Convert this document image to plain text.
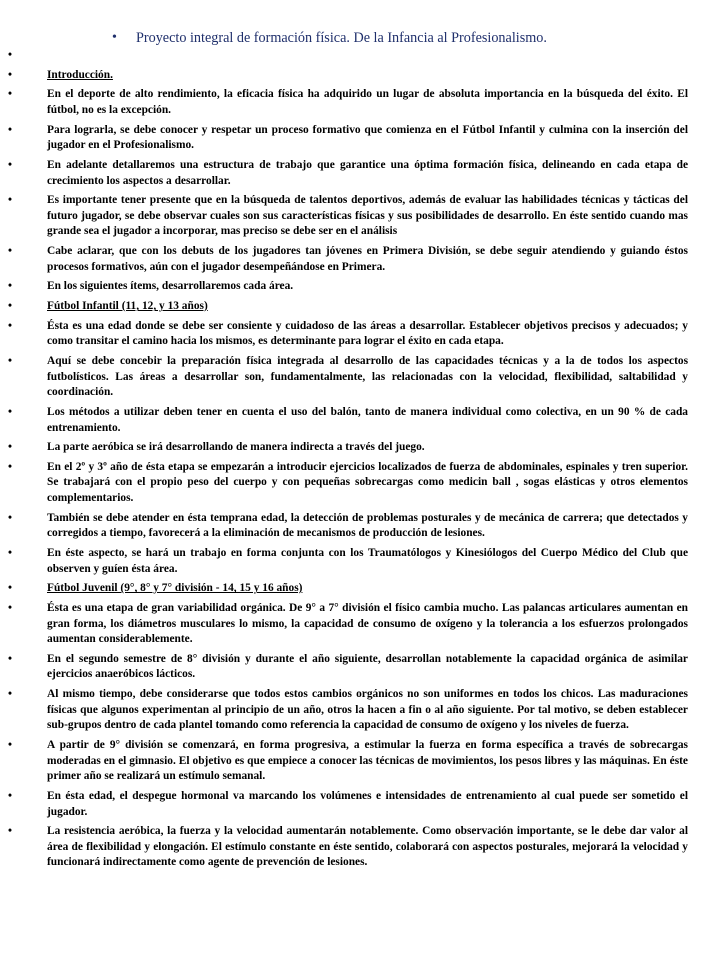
• Proyecto integral de formación física. De la Infancia al Profesionalismo.
•
•	Introducción.
•	En el deporte de alto rendimiento, la eficacia física ha adquirido un lugar de absoluta importancia en la búsqueda del éxito. El fútbol, no es la excepción.
•	Para lograrla, se debe conocer y respetar un proceso formativo que comienza en el Fútbol Infantil y culmina con la inserción del jugador en el Profesionalismo.
•	En adelante detallaremos una estructura de trabajo que garantice una óptima formación física, delineando en cada etapa de crecimiento los aspectos a desarrollar.
•	Es importante tener presente que en la búsqueda de talentos deportivos, además de evaluar las habilidades técnicas y tácticas del futuro jugador, se debe observar cuales son sus características físicas y sus posibilidades de desarrollo. En éste sentido cuando mas grande sea el jugador a incorporar, mas preciso se debe ser en el análisis
•	Cabe aclarar, que con los debuts de los jugadores tan jóvenes en Primera División, se debe seguir atendiendo y guiando éstos procesos formativos, aún con el jugador desempeñándose en Primera.
•	En los siguientes ítems, desarrollaremos cada área.
•	Fútbol Infantil (11, 12, y 13 años)
•	Ésta es una edad donde se debe ser consiente y cuidadoso de las áreas a desarrollar. Establecer objetivos precisos y adecuados; y como transitar el camino hacia los mismos, es determinante para lograr el éxito en cada etapa.
•	Aquí se debe concebir la preparación física integrada al desarrollo de las capacidades técnicas y a la de todos los aspectos futbolísticos. Las áreas a desarrollar son, fundamentalmente, las relacionadas con la velocidad, flexibilidad, saltabilidad y coordinación.
•	Los métodos a utilizar deben tener en cuenta el uso del balón, tanto de manera individual como colectiva, en un 90 % de cada entrenamiento.
•	La parte aeróbica se irá desarrollando de manera indirecta a través del juego.
•	En el 2º y 3º año de ésta etapa se empezarán a introducir ejercicios localizados de fuerza de abdominales, espinales y tren superior. Se trabajará con el propio peso del cuerpo y con pequeñas sobrecargas como medicin ball , sogas elásticas y otros elementos complementarios.
•	También se debe atender en ésta temprana edad, la detección de problemas posturales y de mecánica de carrera; que detectados y corregidos a tiempo, favorecerá a la eliminación de mecanismos de producción de lesiones.
•	En éste aspecto, se hará un trabajo en forma conjunta con los Traumatólogos y Kinesiólogos del Cuerpo Médico del Club que observen y guíen ésta área.
•	Fútbol Juvenil (9°, 8° y 7° división - 14, 15 y 16 años)
•	Ésta es una etapa de gran variabilidad orgánica. De 9° a 7° división el físico cambia mucho. Las palancas articulares aumentan en gran forma, los diámetros musculares lo mismo, la capacidad de consumo de oxígeno y la tolerancia a los esfuerzos prolongados aumentan considerablemente.
•	En el segundo semestre de 8° división y durante el año siguiente, desarrollan notablemente la capacidad orgánica de asimilar ejercicios anaeróbicos lácticos.
•	Al mismo tiempo, debe considerarse que todos estos cambios orgánicos no son uniformes en todos los chicos. Las maduraciones físicas que algunos experimentan al principio de un año, otros la hacen a fin o al año siguiente. Por tal motivo, se deben establecer sub-grupos dentro de cada plantel tomando como referencia la capacidad de consumo de oxígeno y los niveles de fuerza.
•	A partir de 9° división se comenzará, en forma progresiva, a estimular la fuerza en forma específica a través de sobrecargas moderadas en el gimnasio. El objetivo es que empiece a conocer las técnicas de movimientos, los pesos libres y las máquinas. En éste primer año se realizará un estímulo semanal.
•	En ésta edad, el despegue hormonal va marcando los volúmenes e intensidades de entrenamiento al cual puede ser sometido el jugador.
•	La resistencia aeróbica, la fuerza y la velocidad aumentarán notablemente. Como observación importante, se le debe dar valor al área de flexibilidad y elongación. El estímulo constante en éste sentido, colaborará con aspectos posturales, mejorará la velocidad y funcionará indirectamente como agente de prevención de lesiones.
